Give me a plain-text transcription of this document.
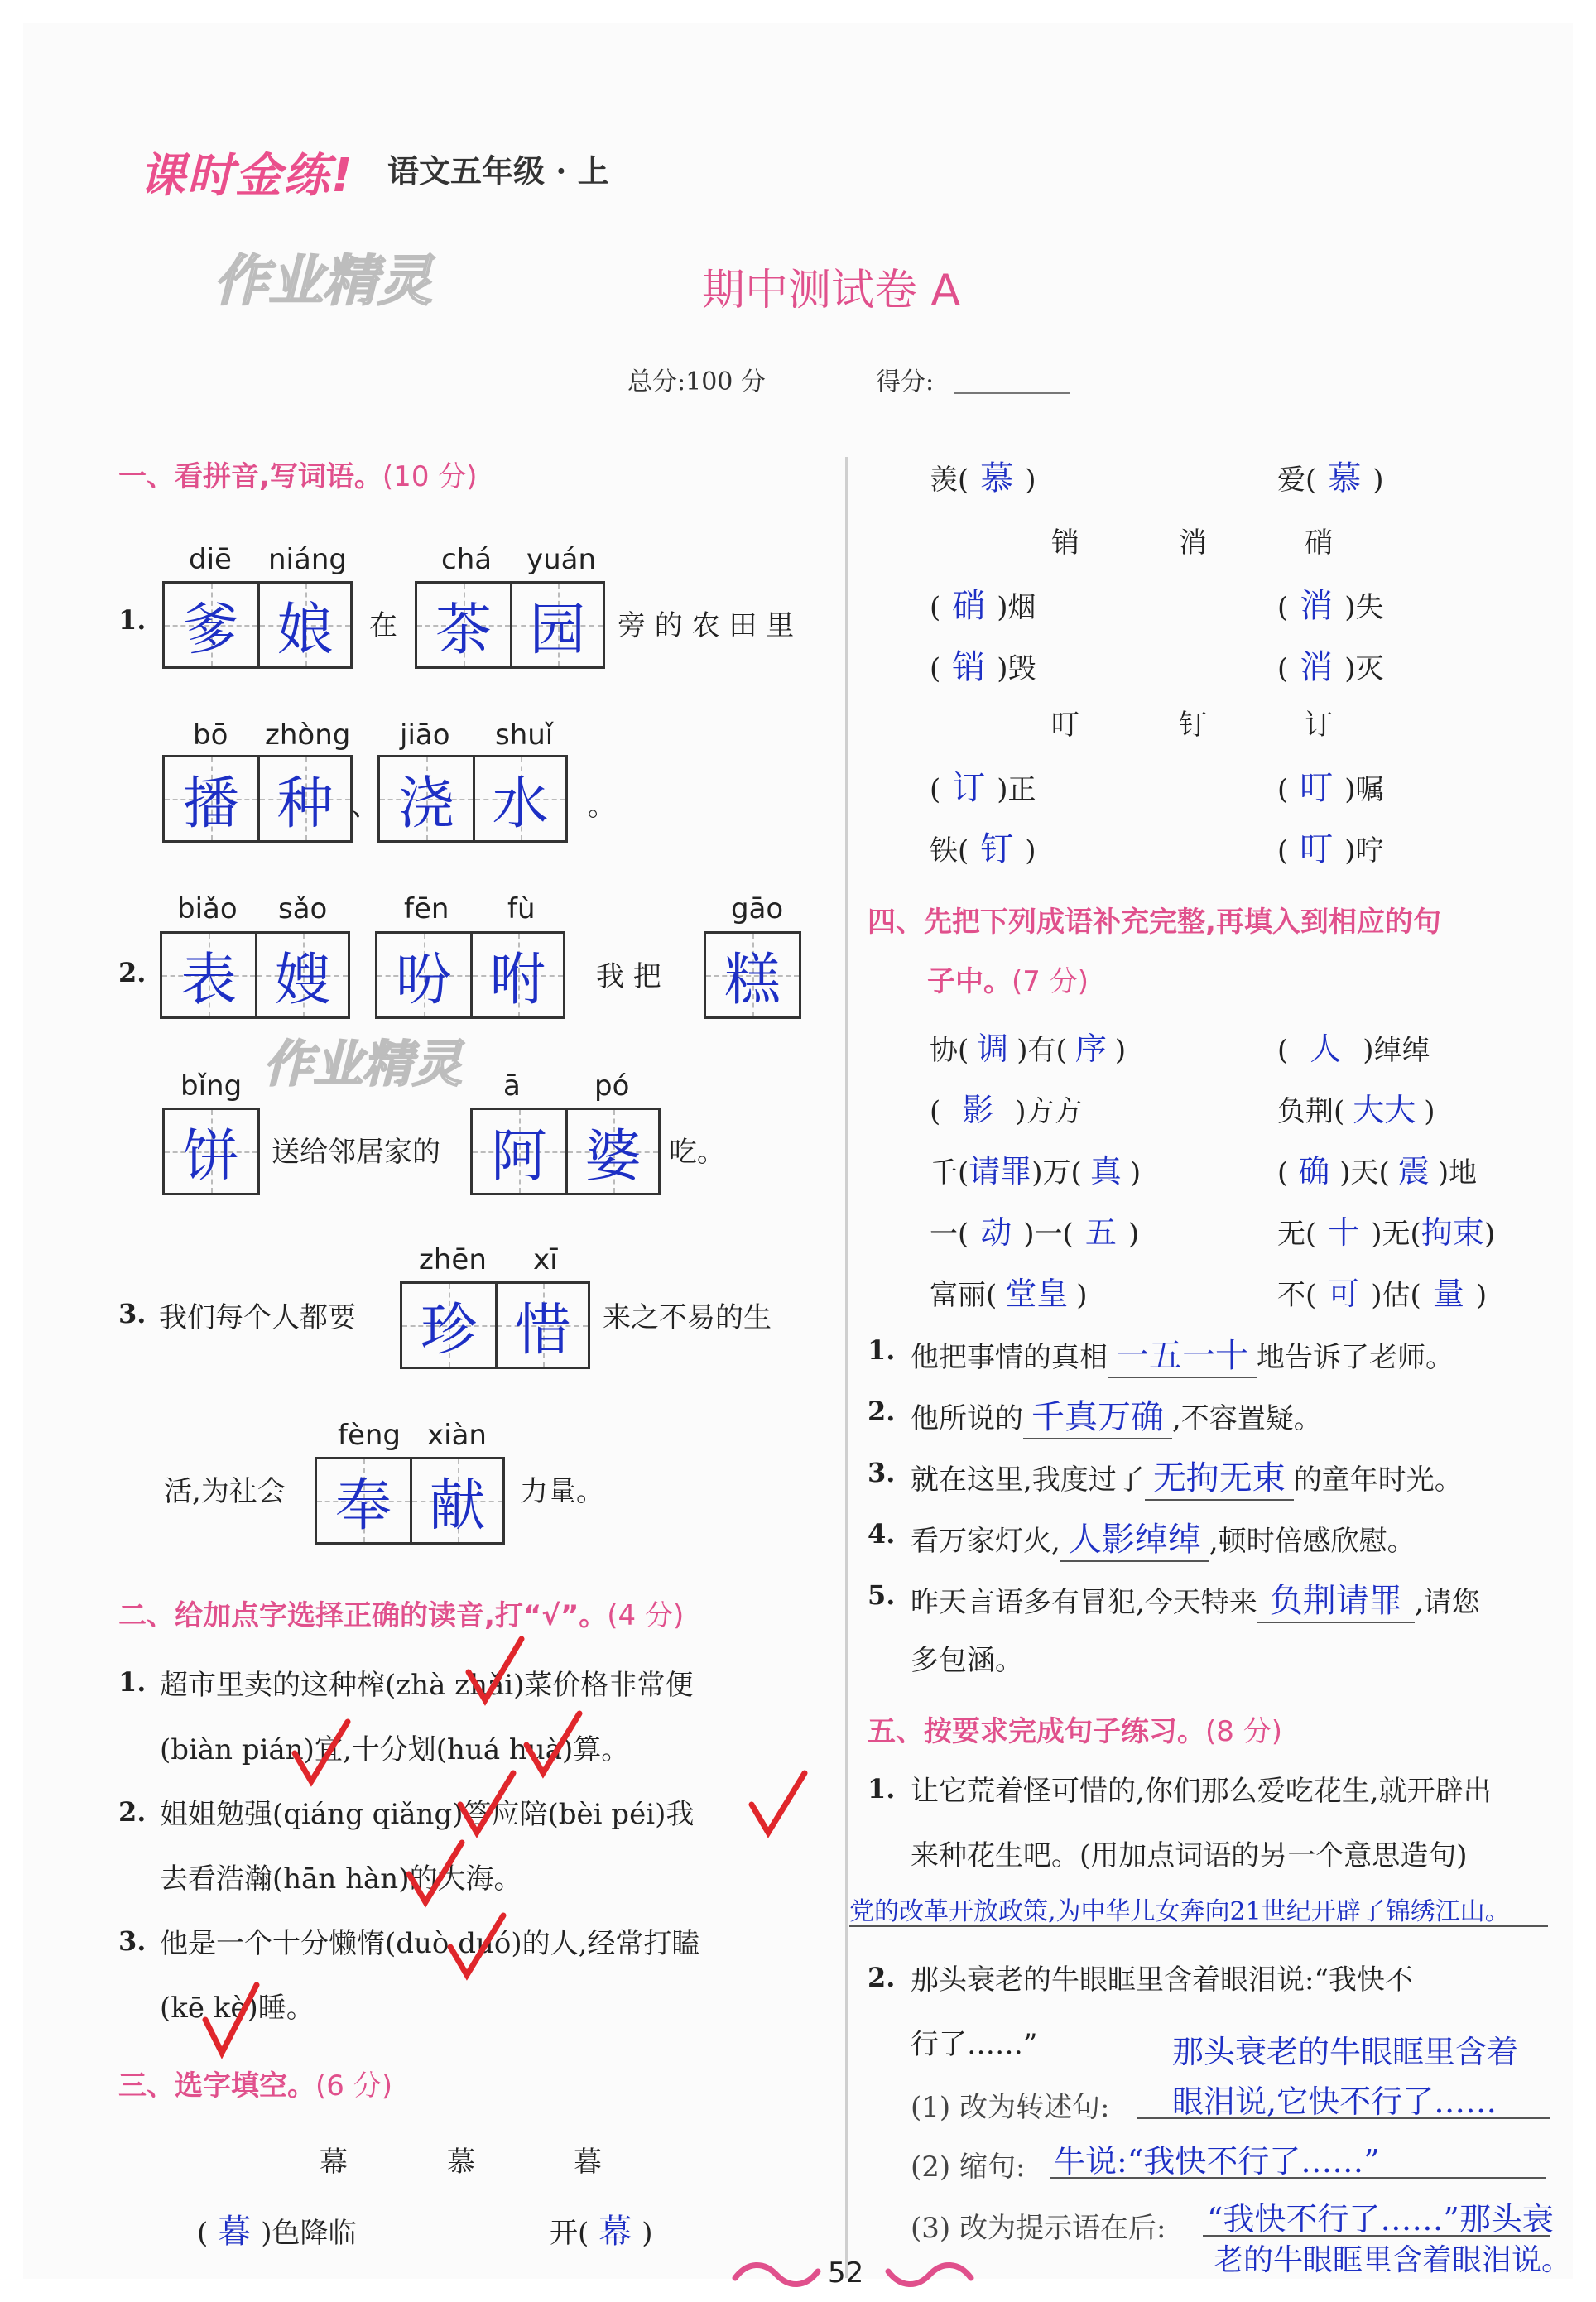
课时金练! 语文五年级 · 上
作业精灵	期中测试卷 A
总分:100 分	得分:
一、看拼音,写词语。(10 分)
1.
diē niáng
爹 娘	在
chá yuán
茶 园	旁 的 农 田 里
bō zhòng
播 种 、
jiāo shuǐ
浇 水	。
2.
biǎo sǎo
表 嫂
fēn fù
吩 咐	我 把
gāo
糕
bǐng
饼	送给邻居家的
ā	pó
阿 婆 吃。
作业精灵
3. 我们每个人都要
zhēn xī
珍 惜	来之不易的生
活,为社会
fèng xiàn
奉 献	力量。
二、给加点字选择正确的读音,打“√”。(4 分)
1. 超市里卖的这种榨(zhà zhǎi)菜价格非常便
(biàn pián)宜,十分划(huá huà)算。
2. 姐姐勉强(qiáng qiǎng)答应陪(bèi péi)我
去看浩瀚(hān hàn)的大海。
3. 他是一个十分懒惰(duò duó)的人,经常打瞌
(kē kè)睡。
三、选字填空。(6 分)
幕	慕	暮
( 暮 )色降临	开( 幕 )
羡( 慕 )	爱( 慕 )
销	消	硝
( 硝 )烟	( 消 )失
( 销 )毁	( 消 )灭
叮	钉	订
( 订 )正	( 叮 )嘱
铁( 钉 )	( 叮 )咛
四、先把下列成语补充完整,再填入到相应的句
子中。(7 分)
协( 调 )有( 序 )	( 人 )绰绰
( 影 )方方	负荆( 大大 )
千(请罪)万( 真 )	( 确 )天( 震 )地
一( 动 )一( 五 )	无( 十 )无(拘束)
富丽( 堂皇 )	不( 可 )估( 量 )
1. 他把事情的真相 一五一十 地告诉了老师。
2. 他所说的 千真万确 ,不容置疑。
3. 就在这里,我度过了 无拘无束 的童年时光。
4. 看万家灯火, 人影绰绰 ,顿时倍感欣慰。
5. 昨天言语多有冒犯,今天特来 负荆请罪 ,请您
多包涵。
五、按要求完成句子练习。(8 分)
1. 让它荒着怪可惜的,你们那么爱吃花生,就开辟出
来种花生吧。(用加点词语的另一个意思造句)
党的改革开放政策,为中华儿女奔向21世纪开辟了锦绣江山。
2. 那头衰老的牛眼眶里含着眼泪说:“我快不
行了……”	那头衰老的牛眼眶里含着
(1) 改为转述句: 眼泪说,它快不行了……
(2) 缩句: 牛说:“我快不行了……”
(3) 改为提示语在后: “我快不行了……”那头衰
老的牛眼眶里含着眼泪说。
52
